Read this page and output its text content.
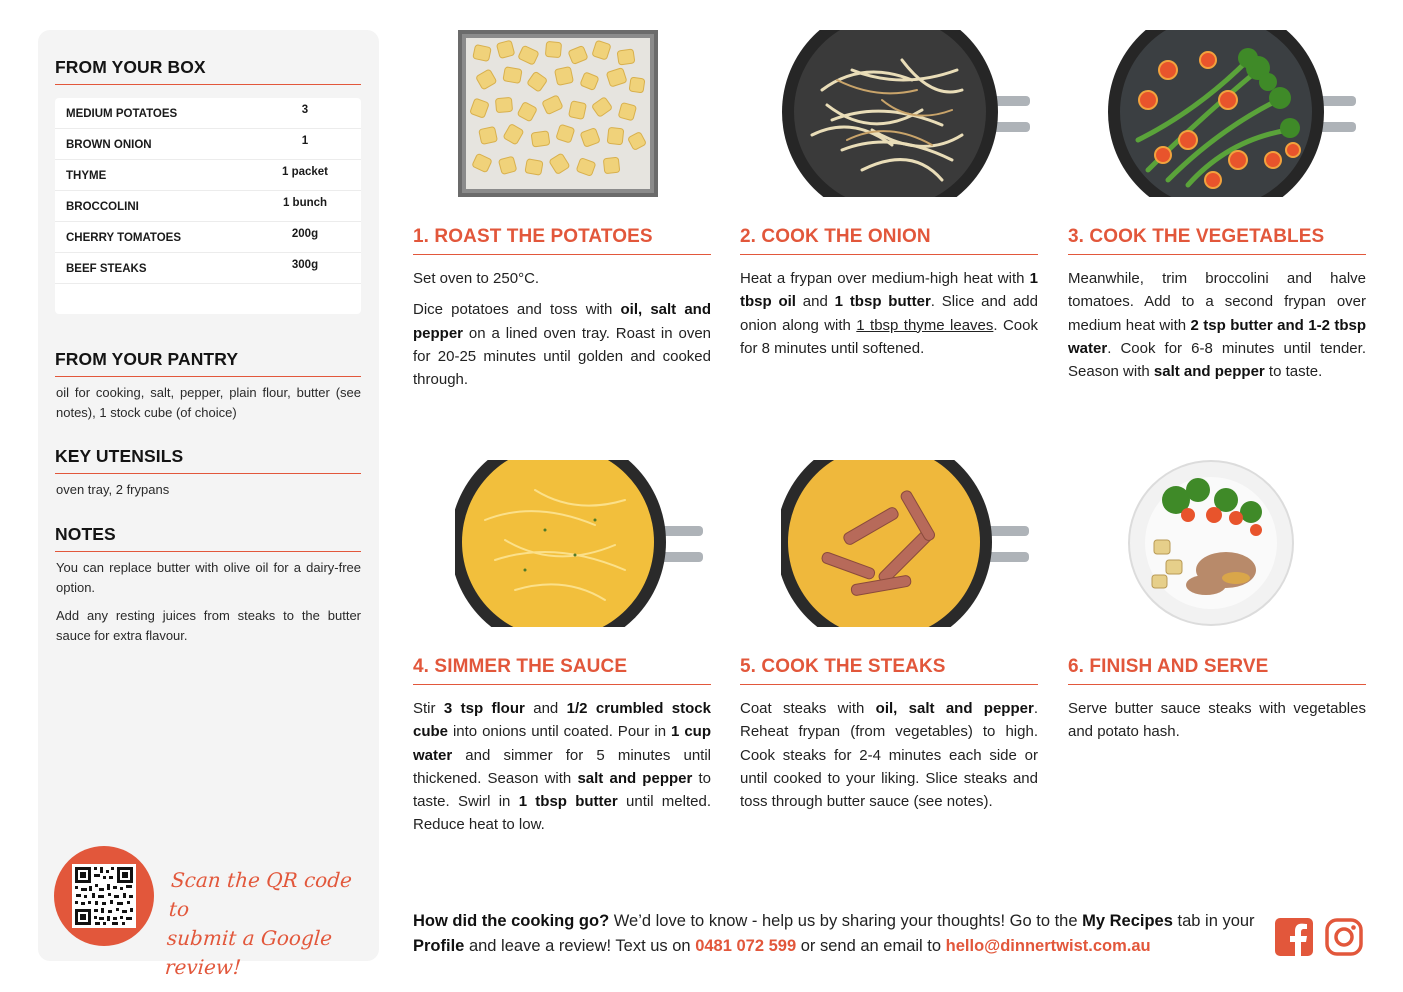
FROM YOUR BOX
MEDIUM POTATOES	3
BROWN ONION	1
THYME	1 packet
BROCCOLINI	1 bunch
CHERRY TOMATOES	200g
BEEF STEAKS	300g
FROM YOUR PANTRY
oil for cooking, salt, pepper, plain flour, butter (see notes), 1 stock cube (of choice)
KEY UTENSILS
oven tray, 2 frypans
NOTES
You can replace butter with olive oil for a dairy-free option.
Add any resting juices from steaks to the butter sauce for extra flavour.
Scan the QR code to
submit a Google review!
1. ROAST THE POTATOES

Set oven to 250°C.

Dice potatoes and toss with oil, salt and pepper on a lined oven tray. Roast in oven for 20-25 minutes until golden and cooked through.

2. COOK THE ONION

Heat a frypan over medium-high heat with 1 tbsp oil and 1 tbsp butter. Slice and add onion along with 1 tbsp thyme leaves. Cook for 8 minutes until softened.

3. COOK THE VEGETABLES

Meanwhile, trim broccolini and halve tomatoes. Add to a second frypan over medium heat with 2 tsp butter and 1-2 tbsp water. Cook for 6-8 minutes until tender. Season with salt and pepper to taste.

4. SIMMER THE SAUCE

Stir 3 tsp flour and 1/2 crumbled stock cube into onions until coated. Pour in 1 cup water and simmer for 5 minutes until thickened. Season with salt and pepper to taste. Swirl in 1 tbsp butter until melted. Reduce heat to low.

5. COOK THE STEAKS

Coat steaks with oil, salt and pepper. Reheat frypan (from vegetables) to high. Cook steaks for 2-4 minutes each side or until cooked to your liking. Slice steaks and toss through butter sauce (see notes).

6. FINISH AND SERVE

Serve butter sauce steaks with vegetables and potato hash.

How did the cooking go? We’d love to know - help us by sharing your thoughts! Go to the My Recipes tab in your Profile and leave a review! Text us on 0481 072 599 or send an email to hello@dinnertwist.com.au
